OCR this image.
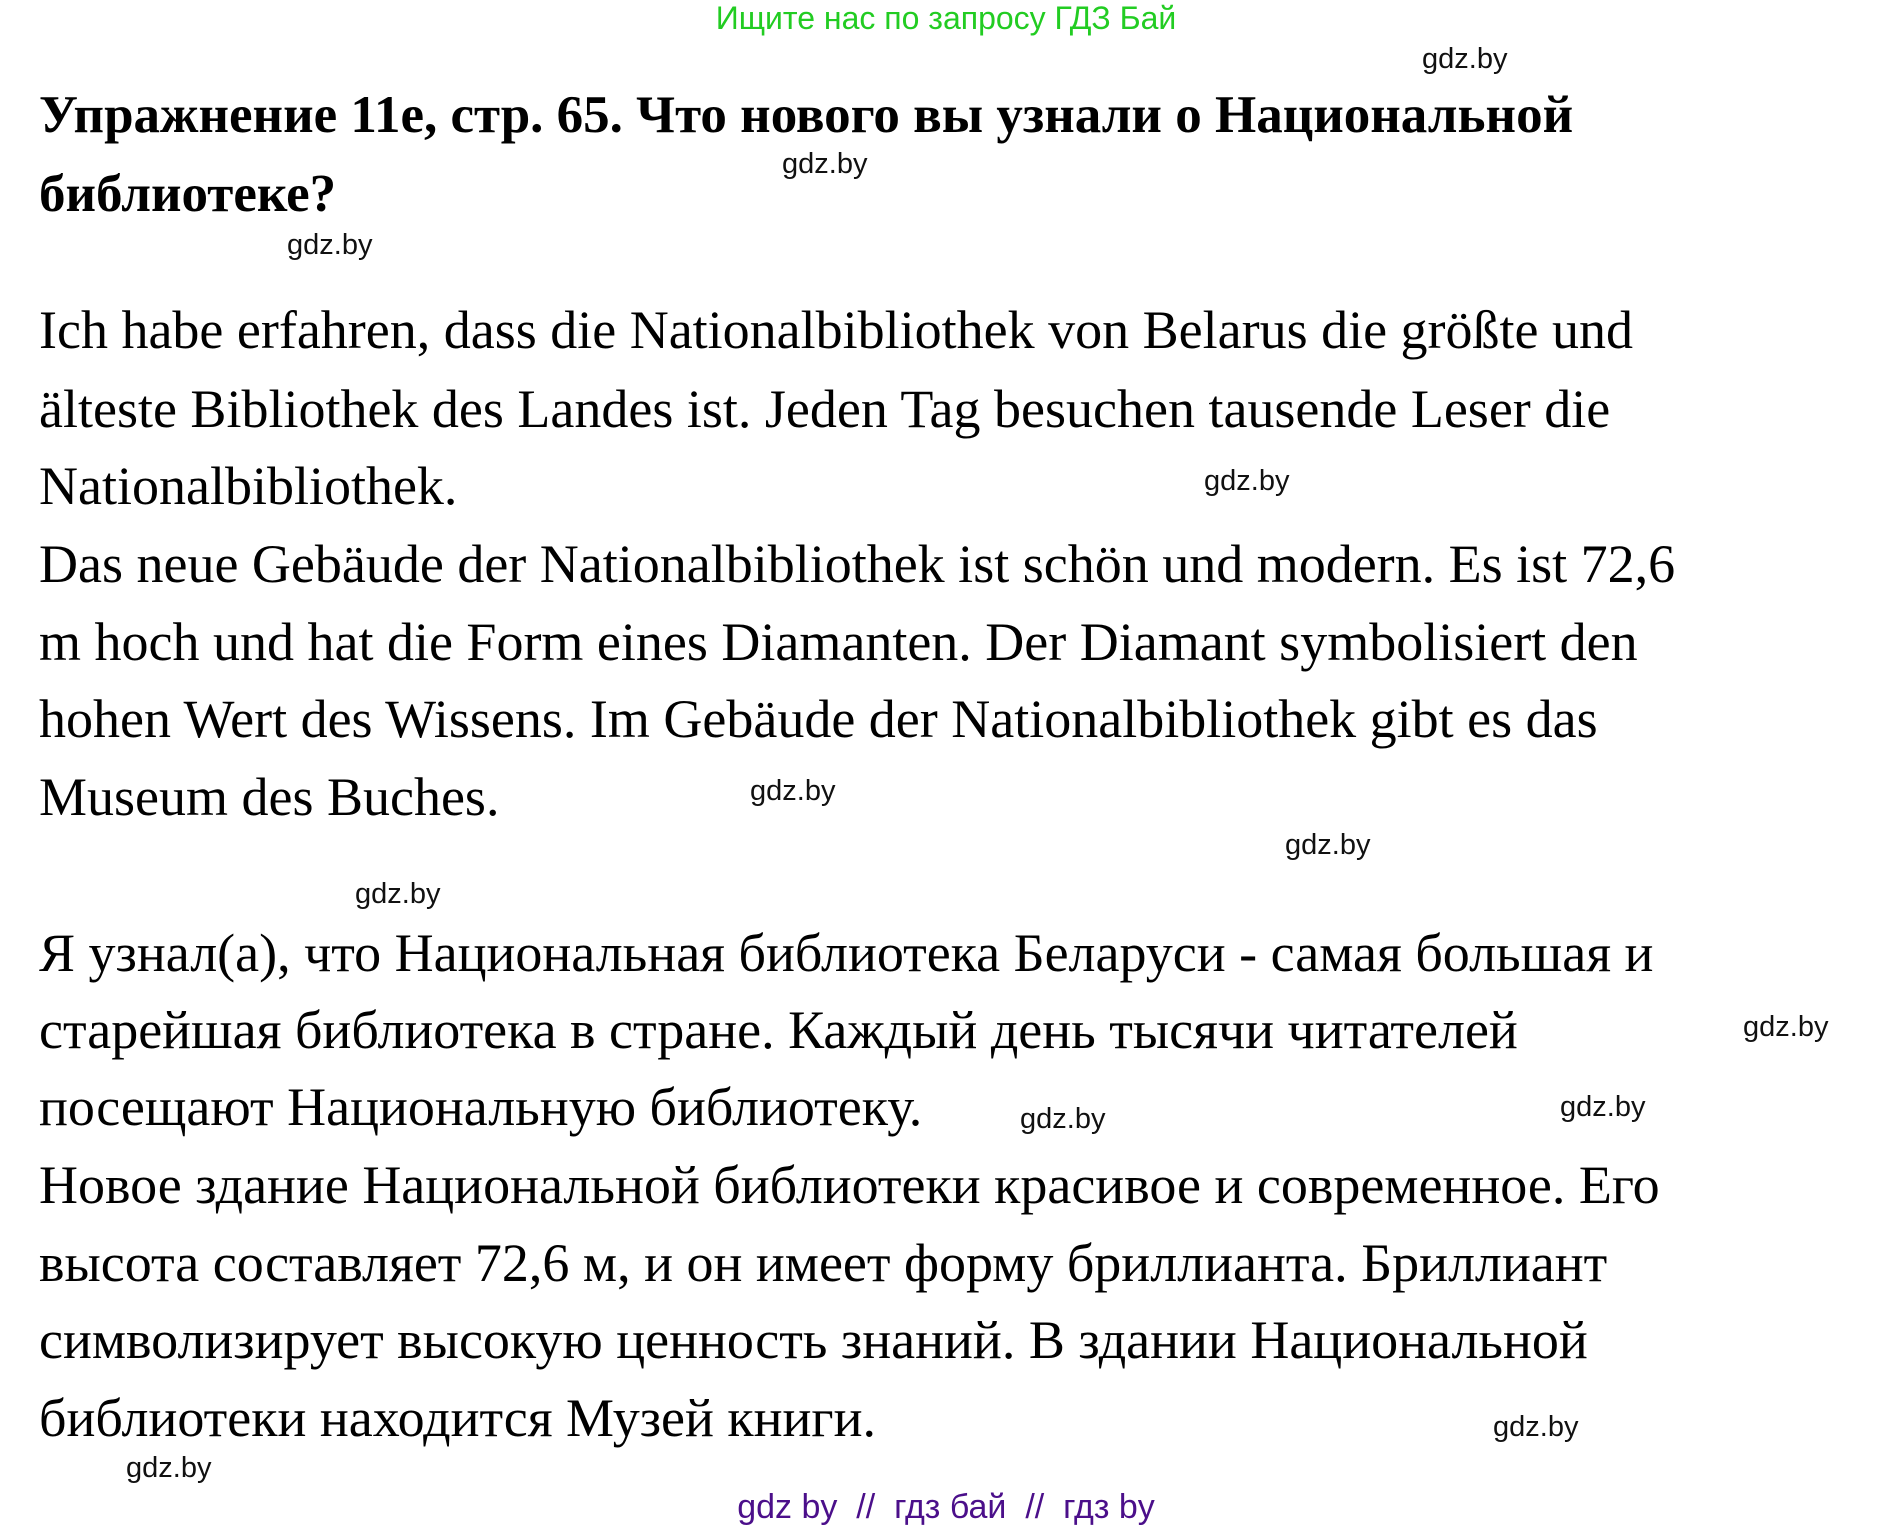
Ищите нас по запросу ГДЗ Бай
Упражнение 11e, стр. 65. Что нового вы узнали о Национальной
библиотеке?
Ich habe erfahren, dass die Nationalbibliothek von Belarus die größte und
älteste Bibliothek des Landes ist. Jeden Tag besuchen tausende Leser die
Nationalbibliothek.
Das neue Gebäude der Nationalbibliothek ist schön und modern. Es ist 72,6
m hoch und hat die Form eines Diamanten. Der Diamant symbolisiert den
hohen Wert des Wissens. Im Gebäude der Nationalbibliothek gibt es das
Museum des Buches.
Я узнал(а), что Национальная библиотека Беларуси - самая большая и
старейшая библиотека в стране. Каждый день тысячи читателей
посещают Национальную библиотеку.
Новое здание Национальной библиотеки красивое и современное. Его
высота составляет 72,6 м, и он имеет форму бриллианта. Бриллиант
символизирует высокую ценность знаний. В здании Национальной
библиотеки находится Музей книги.
gdz.by
gdz.by
gdz.by
gdz.by
gdz.by
gdz.by
gdz.by
gdz.by
gdz.by
gdz.by
gdz.by
gdz.by
gdz by  //  гдз бай  //  гдз by
